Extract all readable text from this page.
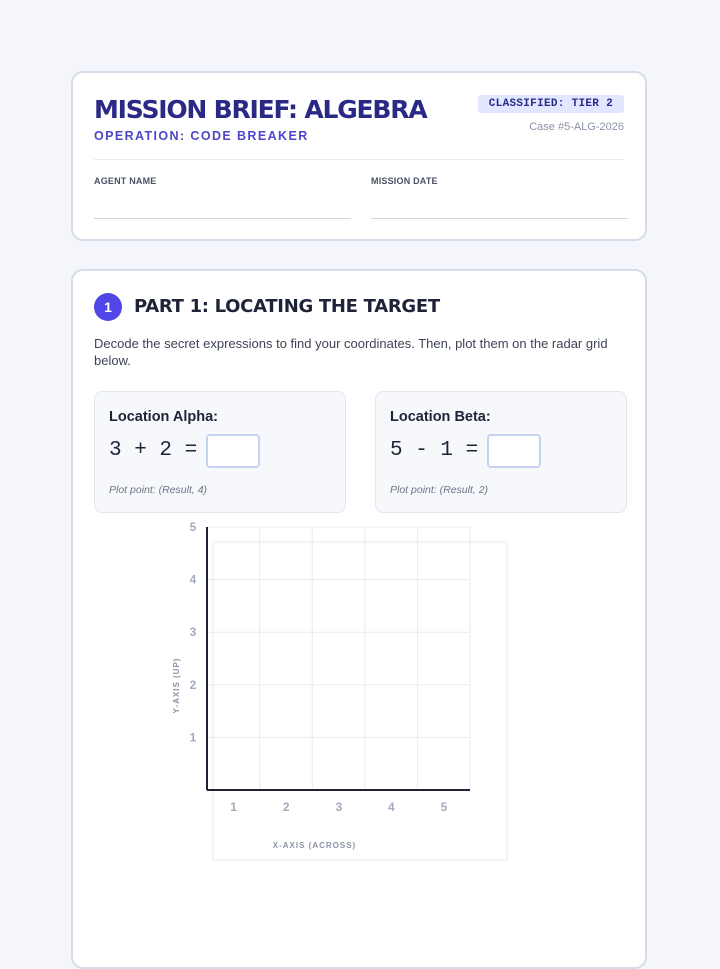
MISSION BRIEF: ALGEBRA
OPERATION: CODE BREAKER
CLASSIFIED: TIER 2
Case #5-ALG-2026
AGENT NAME	MISSION DATE
1	PART 1: LOCATING THE TARGET
Decode the secret expressions to find your coordinates. Then, plot them on the radar grid below.
Location Alpha:
3 + 2 =
Plot point: (Result, 4)
Location Beta:
5 - 1 =
Plot point: (Result, 2)
1	2	3	4	5
1
2
3
4
5
X-AXIS (ACROSS)
Y-AXIS (UP)
